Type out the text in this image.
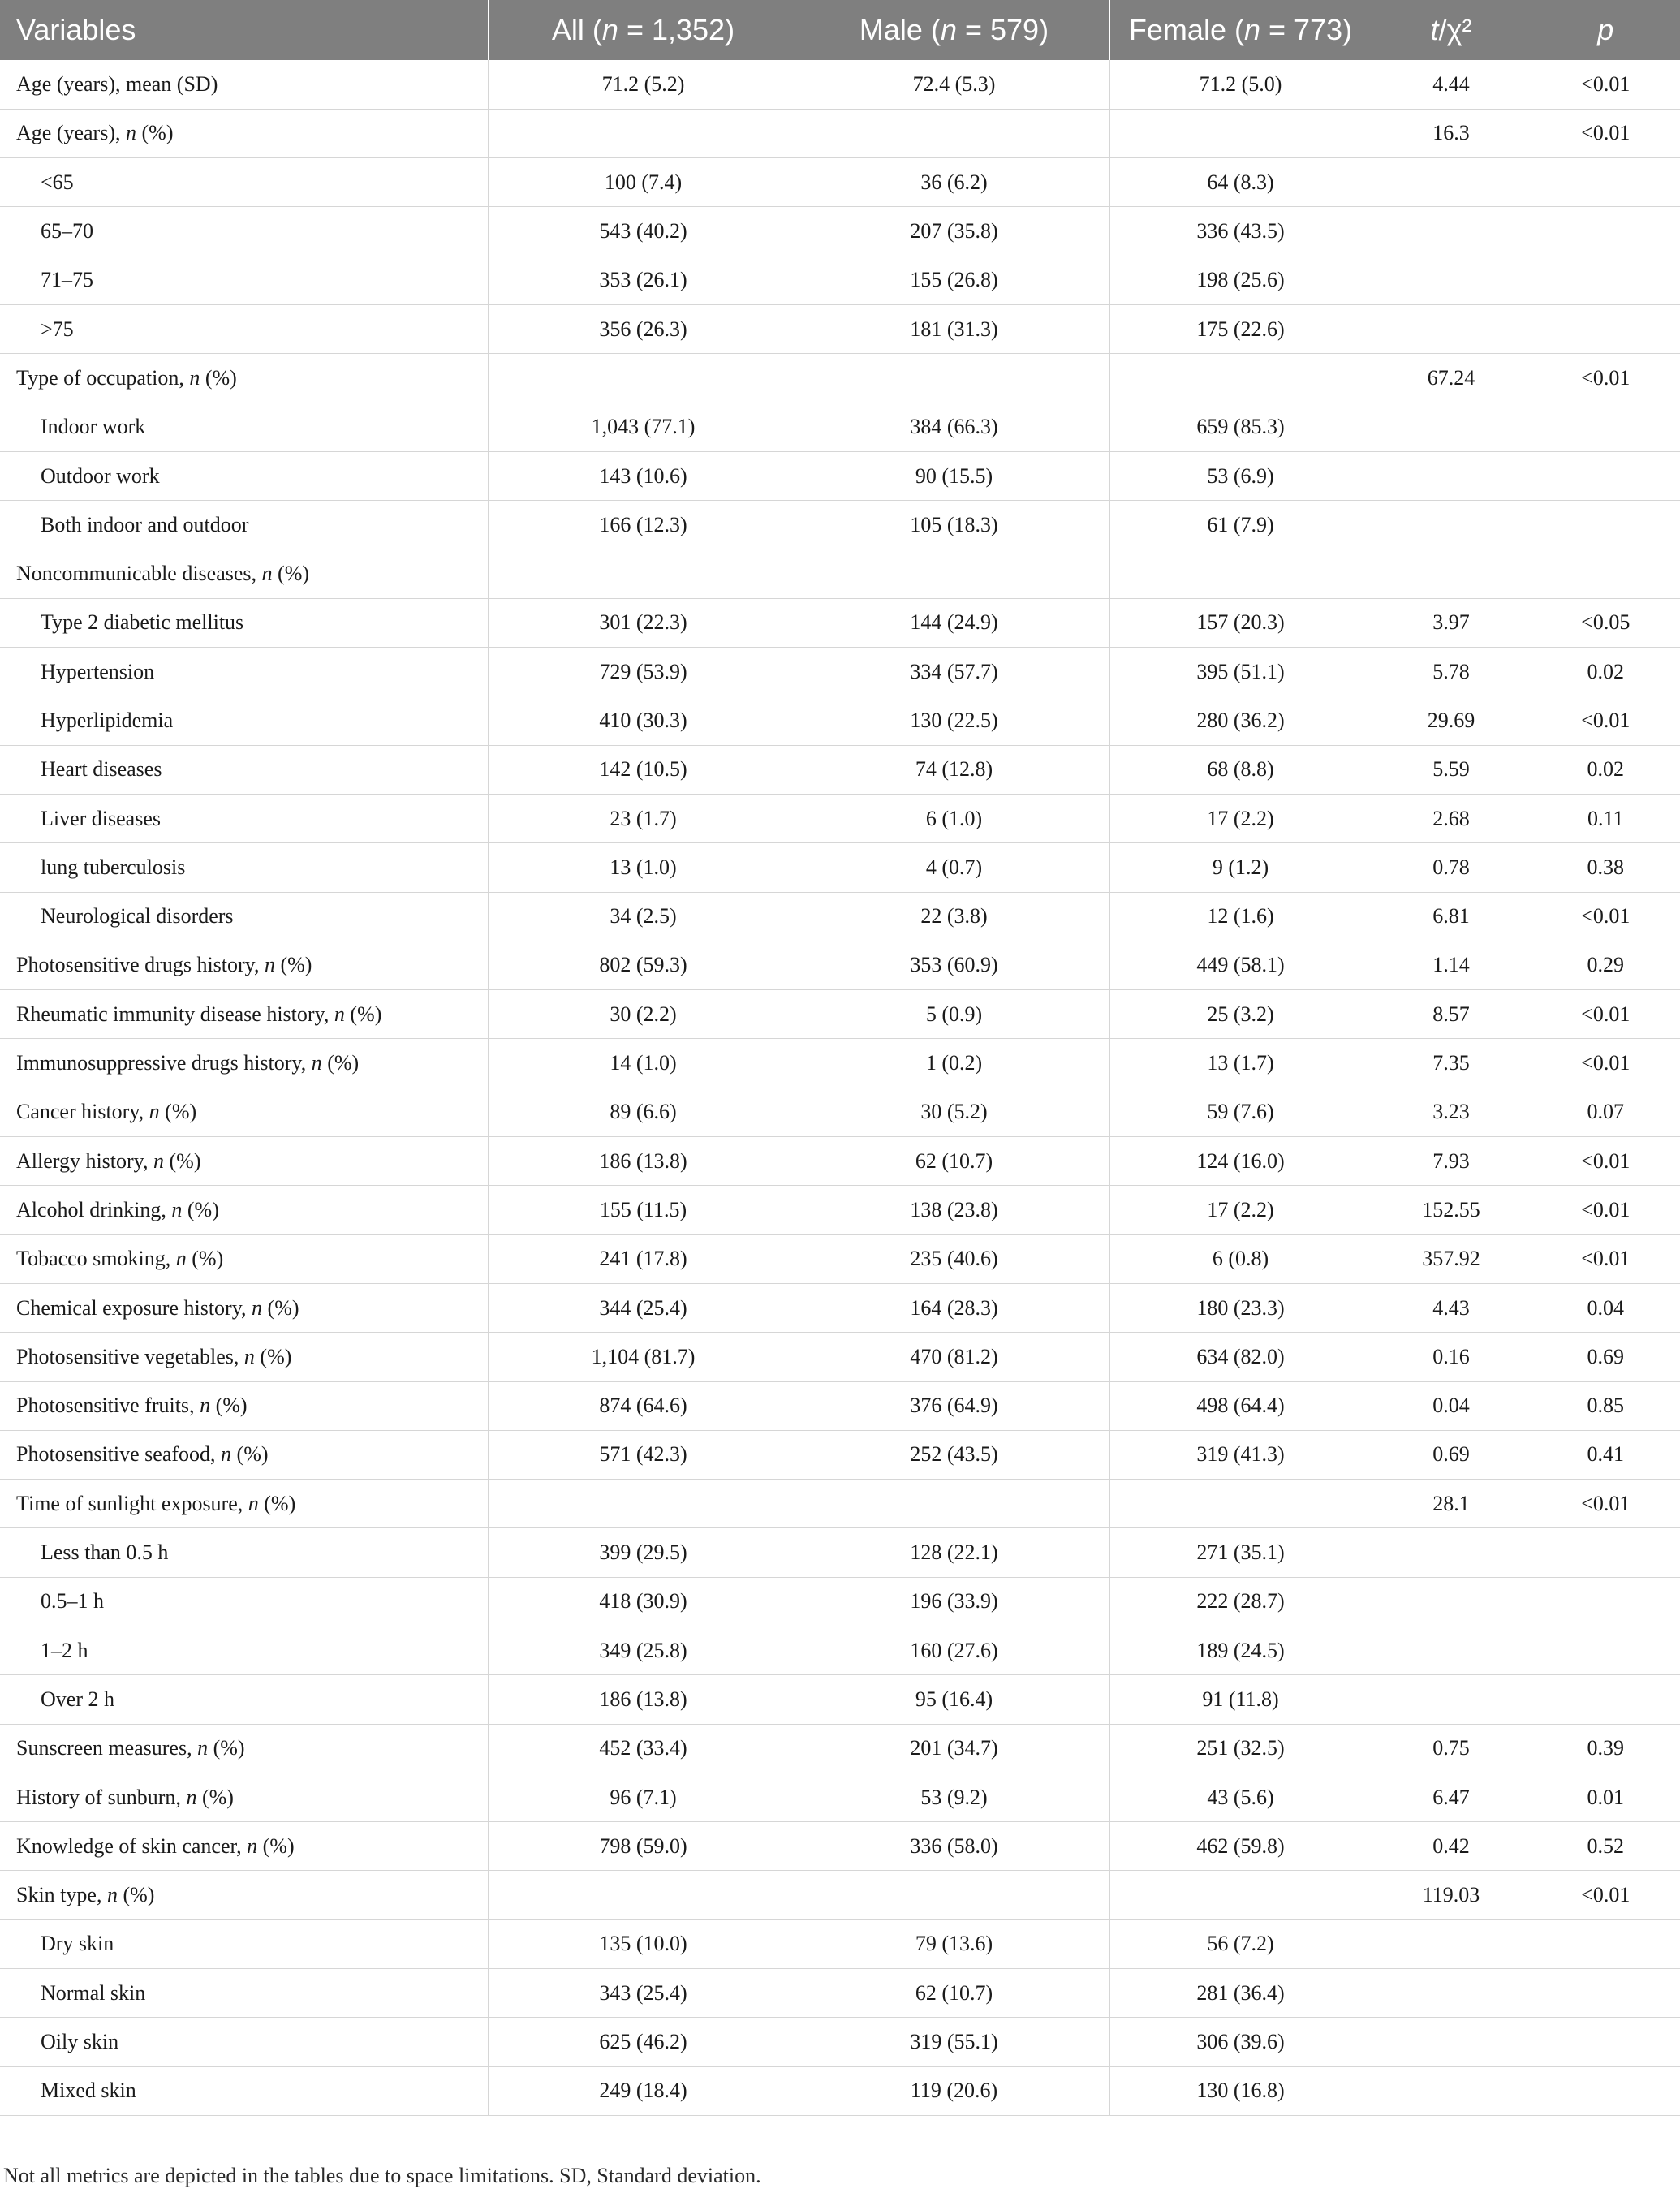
Variables	All (n = 1,352)	Male (n = 579)	Female (n = 773)	t/χ²	p
Age (years), mean (SD)	71.2 (5.2)	72.4 (5.3)	71.2 (5.0)	4.44	<0.01
Age (years), n (%)				16.3	<0.01
<65	100 (7.4)	36 (6.2)	64 (8.3)		
65–70	543 (40.2)	207 (35.8)	336 (43.5)		
71–75	353 (26.1)	155 (26.8)	198 (25.6)		
>75	356 (26.3)	181 (31.3)	175 (22.6)		
Type of occupation, n (%)				67.24	<0.01
Indoor work	1,043 (77.1)	384 (66.3)	659 (85.3)		
Outdoor work	143 (10.6)	90 (15.5)	53 (6.9)		
Both indoor and outdoor	166 (12.3)	105 (18.3)	61 (7.9)		
Noncommunicable diseases, n (%)					
Type 2 diabetic mellitus	301 (22.3)	144 (24.9)	157 (20.3)	3.97	<0.05
Hypertension	729 (53.9)	334 (57.7)	395 (51.1)	5.78	0.02
Hyperlipidemia	410 (30.3)	130 (22.5)	280 (36.2)	29.69	<0.01
Heart diseases	142 (10.5)	74 (12.8)	68 (8.8)	5.59	0.02
Liver diseases	23 (1.7)	6 (1.0)	17 (2.2)	2.68	0.11
lung tuberculosis	13 (1.0)	4 (0.7)	9 (1.2)	0.78	0.38
Neurological disorders	34 (2.5)	22 (3.8)	12 (1.6)	6.81	<0.01
Photosensitive drugs history, n (%)	802 (59.3)	353 (60.9)	449 (58.1)	1.14	0.29
Rheumatic immunity disease history, n (%)	30 (2.2)	5 (0.9)	25 (3.2)	8.57	<0.01
Immunosuppressive drugs history, n (%)	14 (1.0)	1 (0.2)	13 (1.7)	7.35	<0.01
Cancer history, n (%)	89 (6.6)	30 (5.2)	59 (7.6)	3.23	0.07
Allergy history, n (%)	186 (13.8)	62 (10.7)	124 (16.0)	7.93	<0.01
Alcohol drinking, n (%)	155 (11.5)	138 (23.8)	17 (2.2)	152.55	<0.01
Tobacco smoking, n (%)	241 (17.8)	235 (40.6)	6 (0.8)	357.92	<0.01
Chemical exposure history, n (%)	344 (25.4)	164 (28.3)	180 (23.3)	4.43	0.04
Photosensitive vegetables, n (%)	1,104 (81.7)	470 (81.2)	634 (82.0)	0.16	0.69
Photosensitive fruits, n (%)	874 (64.6)	376 (64.9)	498 (64.4)	0.04	0.85
Photosensitive seafood, n (%)	571 (42.3)	252 (43.5)	319 (41.3)	0.69	0.41
Time of sunlight exposure, n (%)				28.1	<0.01
Less than 0.5 h	399 (29.5)	128 (22.1)	271 (35.1)		
0.5–1 h	418 (30.9)	196 (33.9)	222 (28.7)		
1–2 h	349 (25.8)	160 (27.6)	189 (24.5)		
Over 2 h	186 (13.8)	95 (16.4)	91 (11.8)		
Sunscreen measures, n (%)	452 (33.4)	201 (34.7)	251 (32.5)	0.75	0.39
History of sunburn, n (%)	96 (7.1)	53 (9.2)	43 (5.6)	6.47	0.01
Knowledge of skin cancer, n (%)	798 (59.0)	336 (58.0)	462 (59.8)	0.42	0.52
Skin type, n (%)				119.03	<0.01
Dry skin	135 (10.0)	79 (13.6)	56 (7.2)		
Normal skin	343 (25.4)	62 (10.7)	281 (36.4)		
Oily skin	625 (46.2)	319 (55.1)	306 (39.6)		
Mixed skin	249 (18.4)	119 (20.6)	130 (16.8)		
Not all metrics are depicted in the tables due to space limitations. SD, Standard deviation.
